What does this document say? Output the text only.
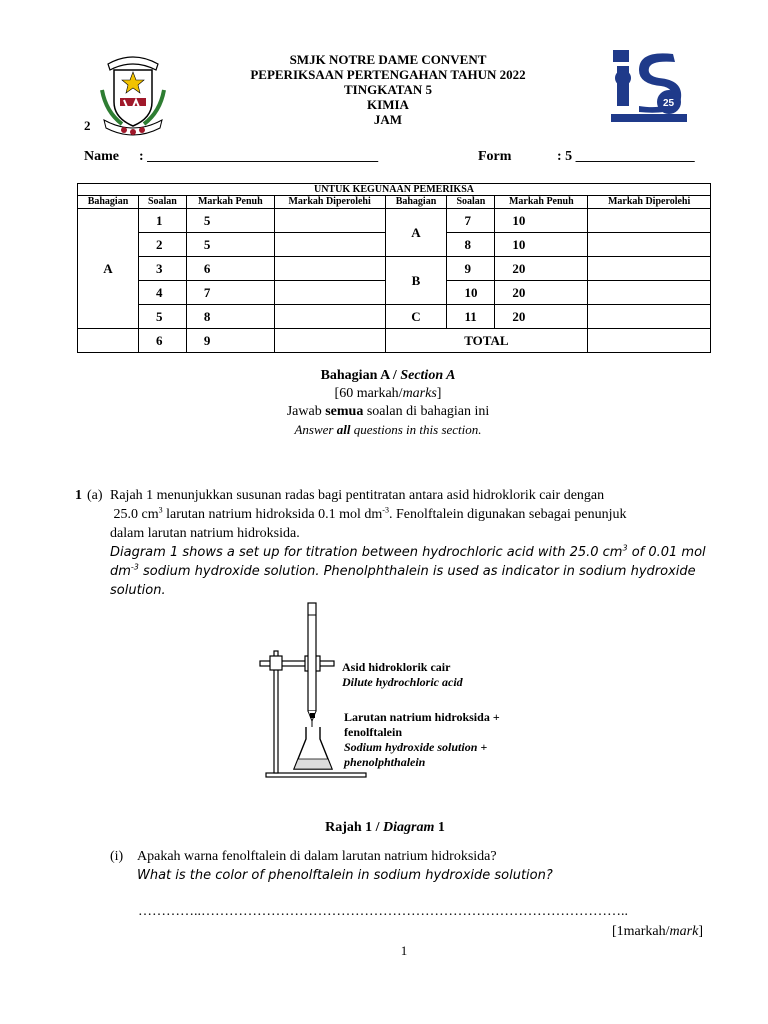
25
SMJK NOTRE DAME CONVENT
PEPERIKSAAN PERTENGAHAN TAHUN 2022
TINGKATAN 5
KIMIA
JAM
2
Name : _________________________________	Form	: 5 _________________
UNTUK KEGUNAAN PEMERIKSA							
Bahagian	Soalan	Markah Penuh	Markah Diperolehi	Bahagian	Soalan	Markah Penuh	Markah Diperolehi
A	1	5		A	7	10	
	2	5			8	10	
	3	6		B	9	20	
	4	7			10	20	
	5	8		C	11	20	
	6	9		TOTAL			
Bahagian A / Section A
[60 markah/marks]
Jawab semua soalan di bahagian ini
Answer all questions in this section.
1 (a) Rajah 1 menunjukkan susunan radas bagi pentitratan antara asid hidroklorik cair dengan
25.0 $cm^3$ larutan natrium hidroksida 0.1 mol $dm^{-3}$. Fenolftalein digunakan sebagai penunjuk
dalam larutan natrium hidroksida.
Diagram 1 shows a set up for titration between hydrochloric acid with 25.0 $cm^3$ of 0.01 mol
$dm^{-3}$ sodium hydroxide solution. Phenolphthalein is used as indicator in sodium hydroxide
solution.
Asid hidroklorik cair
Dilute hydrochloric acid
Larutan natrium hidroksida +
fenolftalein
Sodium hydroxide solution +
phenolphthalein
Rajah 1 / Diagram 1
(i) Apakah warna fenolftalein di dalam larutan natrium hidroksida?
What is the color of phenolftalein in sodium hydroxide solution?
…………..………………………………………………………………………………..
[1markah/mark]
1
